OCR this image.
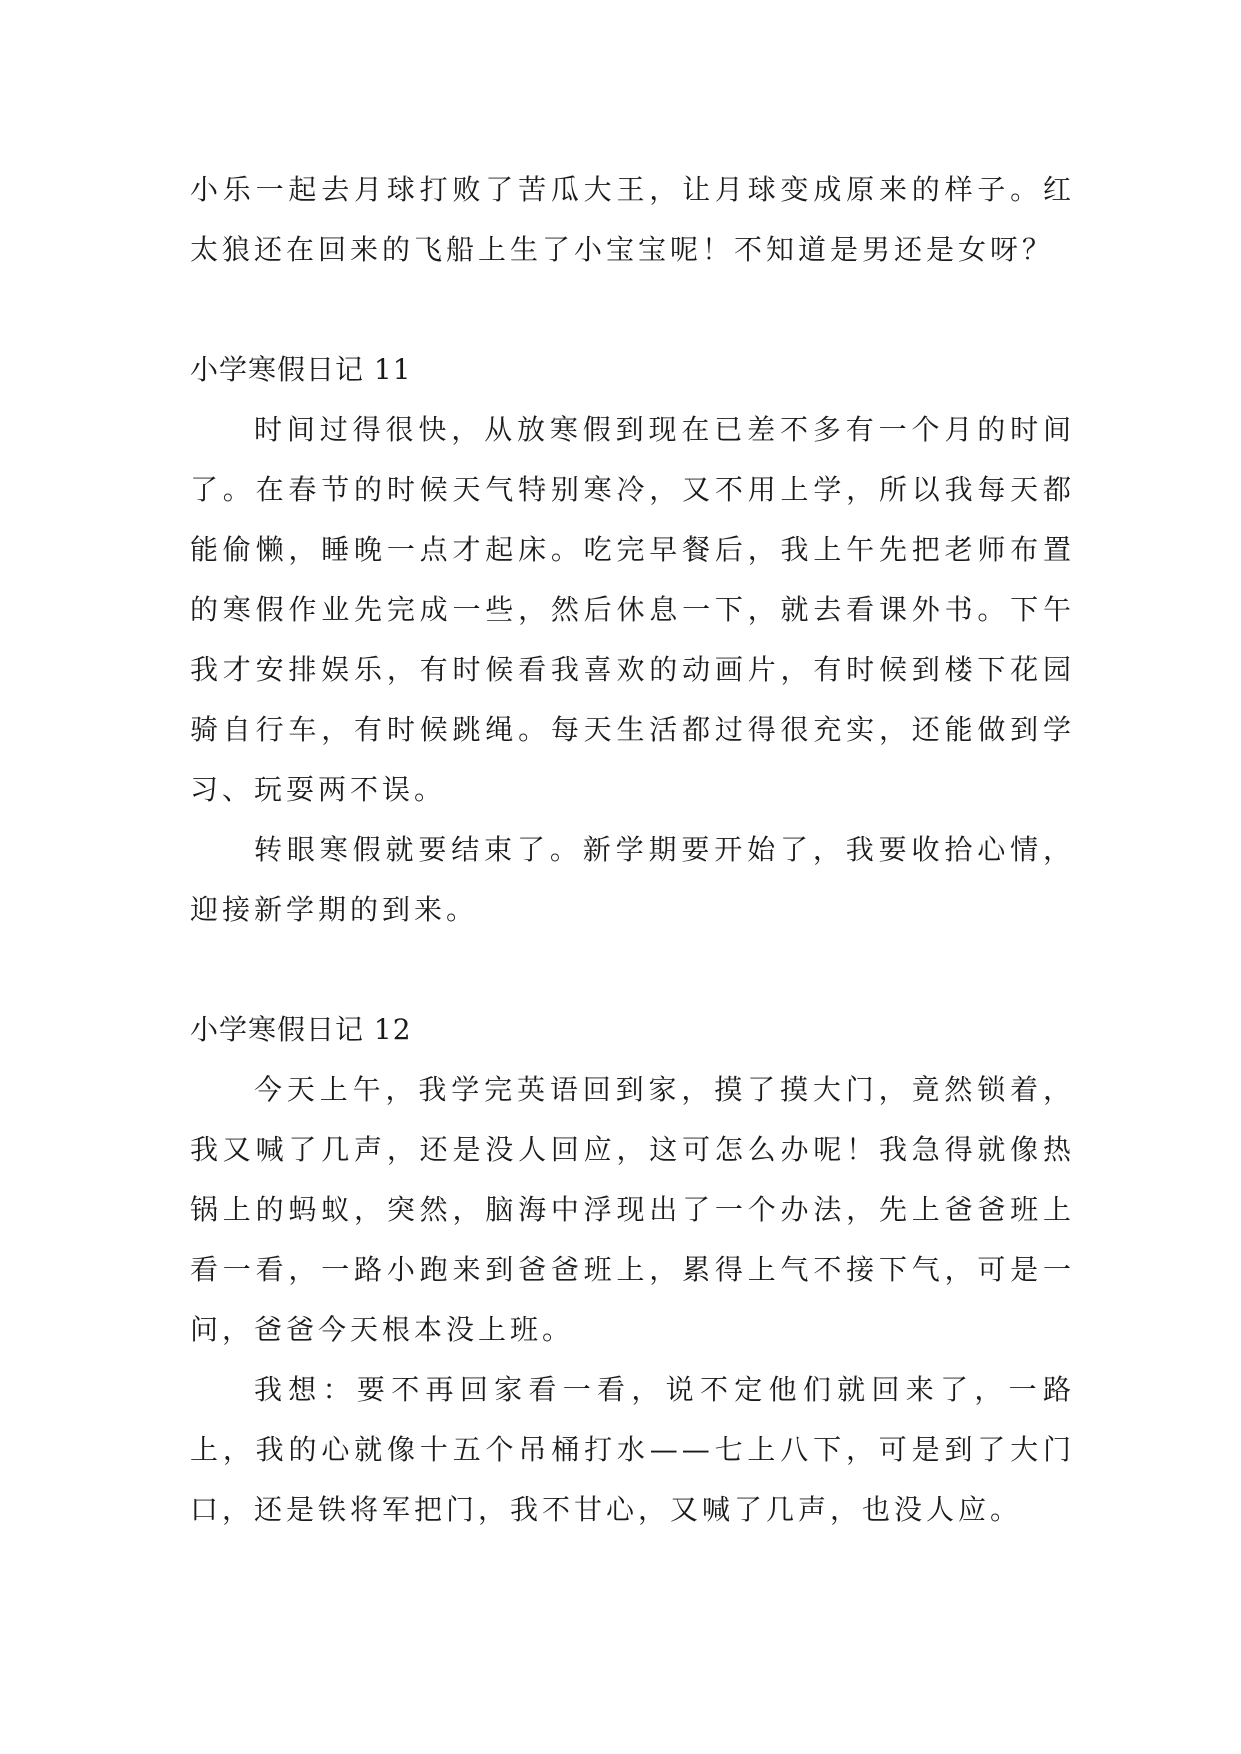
小乐一起去月球打败了苦瓜大王，让月球变成原来的样子。红太狼还在回来的飞船上生了小宝宝呢！不知道是男还是女呀？

小学寒假日记 11

时间过得很快，从放寒假到现在已差不多有一个月的时间了。在春节的时候天气特别寒冷，又不用上学，所以我每天都能偷懒，睡晚一点才起床。吃完早餐后，我上午先把老师布置的寒假作业先完成一些，然后休息一下，就去看课外书。下午我才安排娱乐，有时候看我喜欢的动画片，有时候到楼下花园骑自行车，有时候跳绳。每天生活都过得很充实，还能做到学习、玩耍两不误。

转眼寒假就要结束了。新学期要开始了，我要收拾心情，迎接新学期的到来。

小学寒假日记 12

今天上午，我学完英语回到家，摸了摸大门，竟然锁着，我又喊了几声，还是没人回应，这可怎么办呢！我急得就像热锅上的蚂蚁，突然，脑海中浮现出了一个办法，先上爸爸班上看一看，一路小跑来到爸爸班上，累得上气不接下气，可是一问，爸爸今天根本没上班。

我想：要不再回家看一看，说不定他们就回来了，一路上，我的心就像十五个吊桶打水——七上八下，可是到了大门口，还是铁将军把门，我不甘心，又喊了几声，也没人应。
